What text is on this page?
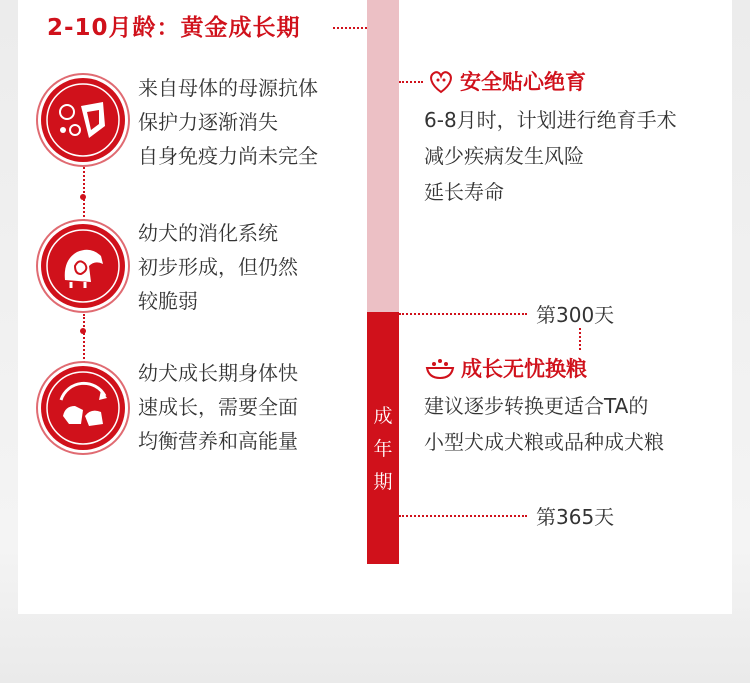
2-10月龄：黄金成长期
成
年
期
来自母体的母源抗体
保护力逐渐消失
自身免疫力尚未完全
幼犬的消化系统
初步形成，但仍然
较脆弱
幼犬成长期身体快
速成长，需要全面
均衡营养和高能量
安全贴心绝育
6-8月时，计划进行绝育手术
减少疾病发生风险
延长寿命
第300天
成长无忧换粮
建议逐步转换更适合TA的
小型犬成犬粮或品种成犬粮
第365天
